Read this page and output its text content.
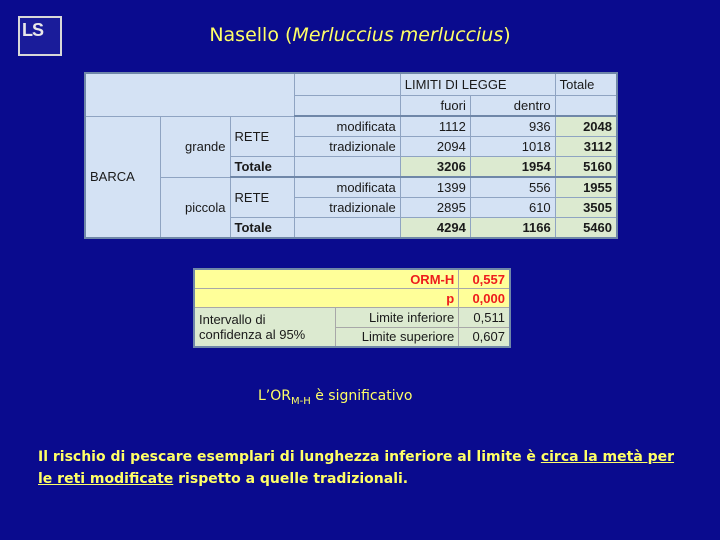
LS	Nasello (Merluccius merluccius)
				LIMITI DI LEGGE		Totale
				fuori	dentro	
BARCA	grande	RETE	modificata	1112	936	2048
			tradizionale	2094	1018	3112
		Totale		3206	1954	5160
	piccola	RETE	modificata	1399	556	1955
			tradizionale	2895	610	3505
		Totale		4294	1166	5460
ORM-H		0,557
p		0,000

Intervallo di
confidenza al 95%	Limite inferiore	0,511
	Limite superiore	0,607
$L’OR_{M-H}$ è significativo
Il rischio di pescare esemplari di lunghezza inferiore al limite è circa la metà per le reti modificate rispetto a quelle tradizionali.
